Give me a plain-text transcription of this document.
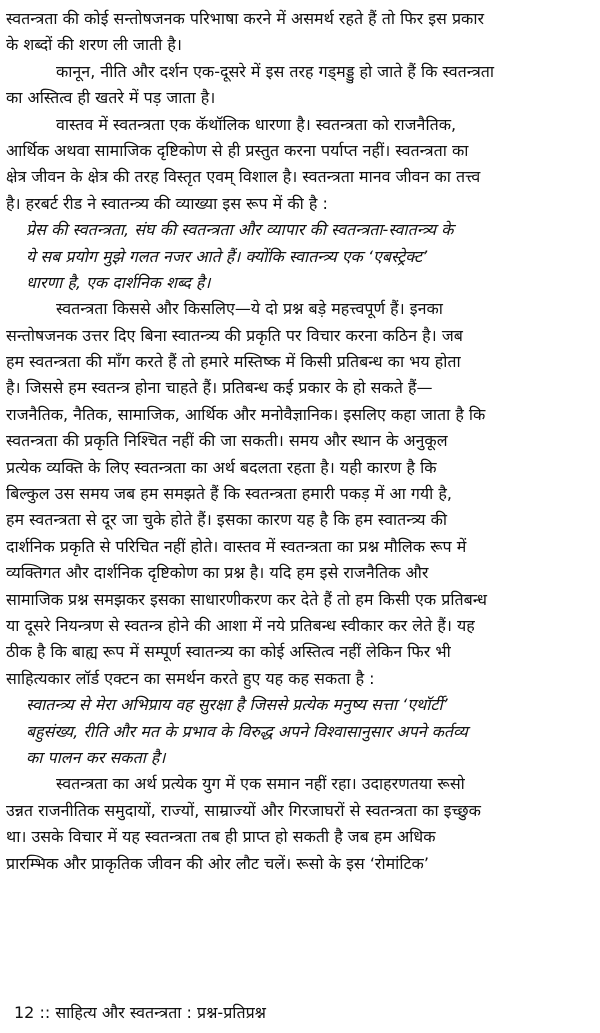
स्वतन्त्रता की कोई सन्तोषजनक परिभाषा करने में असमर्थ रहते हैं तो फिर इस प्रकार
के शब्दों की शरण ली जाती है।
कानून, नीति और दर्शन एक-दूसरे में इस तरह गड्मड्डु हो जाते हैं कि स्वतन्त्रता
का अस्तित्व ही खतरे में पड़ जाता है।
वास्तव में स्वतन्त्रता एक कॅथॉलिक धारणा है। स्वतन्त्रता को राजनैतिक,
आर्थिक अथवा सामाजिक दृष्टिकोण से ही प्रस्तुत करना पर्याप्त नहीं। स्वतन्त्रता का
क्षेत्र जीवन के क्षेत्र की तरह विस्तृत एवम् विशाल है। स्वतन्त्रता मानव जीवन का तत्त्व
है। हरबर्ट रीड ने स्वातन्त्र्य की व्याख्या इस रूप में की है :
प्रेस की स्वतन्त्रता, संघ की स्वतन्त्रता और व्यापार की स्वतन्त्रता-स्वातन्त्र्य के
ये सब प्रयोग मुझे गलत नजर आते हैं। क्योंकि स्वातन्त्र्य एक ‘एबस्ट्रेक्ट’
धारणा है, एक दार्शनिक शब्द है।
स्वतन्त्रता किससे और किसलिए—ये दो प्रश्न बड़े महत्त्वपूर्ण हैं। इनका
सन्तोषजनक उत्तर दिए बिना स्वातन्त्र्य की प्रकृति पर विचार करना कठिन है। जब
हम स्वतन्त्रता की माँग करते हैं तो हमारे मस्तिष्क में किसी प्रतिबन्ध का भय होता
है। जिससे हम स्वतन्त्र होना चाहते हैं। प्रतिबन्ध कई प्रकार के हो सकते हैं—
राजनैतिक, नैतिक, सामाजिक, आर्थिक और मनोवैज्ञानिक। इसलिए कहा जाता है कि
स्वतन्त्रता की प्रकृति निश्चित नहीं की जा सकती। समय और स्थान के अनुकूल
प्रत्येक व्यक्ति के लिए स्वतन्त्रता का अर्थ बदलता रहता है। यही कारण है कि
बिल्कुल उस समय जब हम समझते हैं कि स्वतन्त्रता हमारी पकड़ में आ गयी है,
हम स्वतन्त्रता से दूर जा चुके होते हैं। इसका कारण यह है कि हम स्वातन्त्र्य की
दार्शनिक प्रकृति से परिचित नहीं होते। वास्तव में स्वतन्त्रता का प्रश्न मौलिक रूप में
व्यक्तिगत और दार्शनिक दृष्टिकोण का प्रश्न है। यदि हम इसे राजनैतिक और
सामाजिक प्रश्न समझकर इसका साधारणीकरण कर देते हैं तो हम किसी एक प्रतिबन्ध
या दूसरे नियन्त्रण से स्वतन्त्र होने की आशा में नये प्रतिबन्ध स्वीकार कर लेते हैं। यह
ठीक है कि बाह्य रूप में सम्पूर्ण स्वातन्त्र्य का कोई अस्तित्व नहीं लेकिन फिर भी
साहित्यकार लॉर्ड एक्टन का समर्थन करते हुए यह कह सकता है :
स्वातन्त्र्य से मेरा अभिप्राय वह सुरक्षा है जिससे प्रत्येक मनुष्य सत्ता ‘एथॉर्टी’
बहुसंख्य, रीति और मत के प्रभाव के विरुद्ध अपने विश्वासानुसार अपने कर्तव्य
का पालन कर सकता है।
स्वतन्त्रता का अर्थ प्रत्येक युग में एक समान नहीं रहा। उदाहरणतया रूसो
उन्नत राजनीतिक समुदायों, राज्यों, साम्राज्यों और गिरजाघरों से स्वतन्त्रता का इच्छुक
था। उसके विचार में यह स्वतन्त्रता तब ही प्राप्त हो सकती है जब हम अधिक
प्रारम्भिक और प्राकृतिक जीवन की ओर लौट चलें। रूसो के इस ‘रोमांटिक’
12 :: साहित्य और स्वतन्त्रता : प्रश्न-प्रतिप्रश्न
